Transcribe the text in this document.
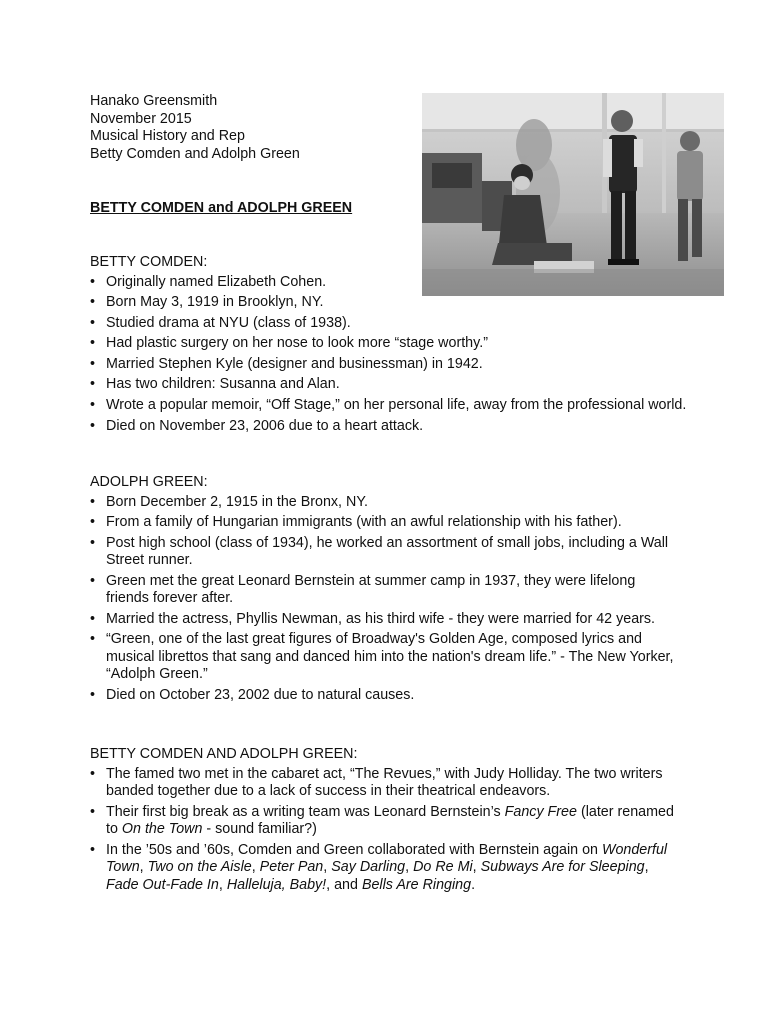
Hanako Greensmith
November 2015
Musical History and Rep
Betty Comden and Adolph Green
BETTY COMDEN and ADOLPH GREEN
BETTY COMDEN:
• Originally named Elizabeth Cohen.
• Born May 3, 1919 in Brooklyn, NY.
• Studied drama at NYU (class of 1938).
• Had plastic surgery on her nose to look more “stage worthy.”
• Married Stephen Kyle (designer and businessman) in 1942.
• Has two children: Susanna and Alan.
• Wrote a popular memoir, “Off Stage,” on her personal life, away from the professional world.
• Died on November 23, 2006 due to a heart attack.
ADOLPH GREEN:
• Born December 2, 1915 in the Bronx, NY.
• From a family of Hungarian immigrants (with an awful relationship with his father).
• Post high school (class of 1934), he worked an assortment of small jobs, including a Wall Street runner.
• Green met the great Leonard Bernstein at summer camp in 1937, they were lifelong friends forever after.
• Married the actress, Phyllis Newman, as his third wife - they were married for 42 years.
• “Green, one of the last great figures of Broadway's Golden Age, composed lyrics and musical librettos that sang and danced him into the nation's dream life.” - The New Yorker, “Adolph Green.”
• Died on October 23, 2002 due to natural causes.
BETTY COMDEN AND ADOLPH GREEN:
• The famed two met in the cabaret act, “The Revues,” with Judy Holliday. The two writers banded together due to a lack of success in their theatrical endeavors.
• Their first big break as a writing team was Leonard Bernstein’s Fancy Free (later renamed to On the Town - sound familiar?)
• In the ’50s and ’60s, Comden and Green collaborated with Bernstein again on Wonderful Town, Two on the Aisle, Peter Pan, Say Darling, Do Re Mi, Subways Are for Sleeping, Fade Out-Fade In, Halleluja, Baby!, and Bells Are Ringing.
